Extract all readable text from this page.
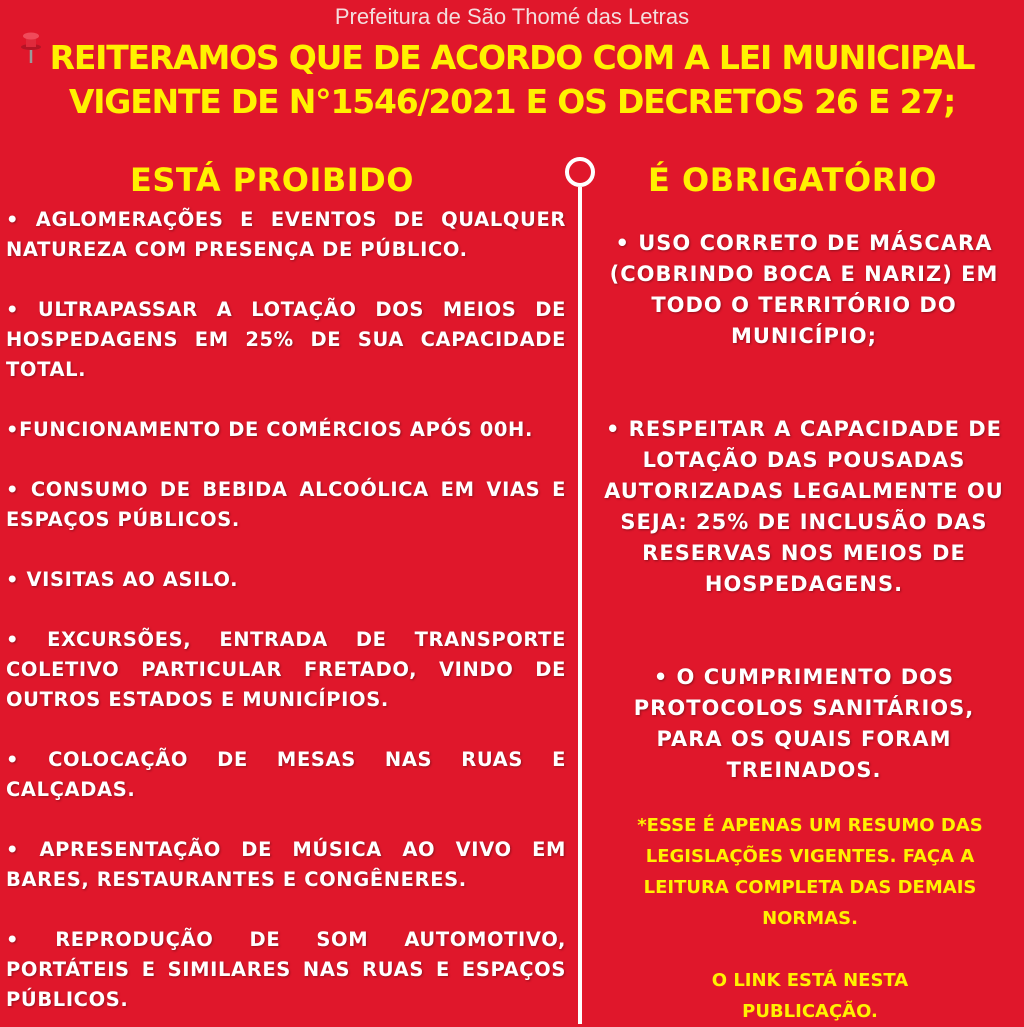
Prefeitura de São Thomé das Letras
REITERAMOS QUE DE ACORDO COM A LEI MUNICIPAL
VIGENTE DE N°1546/2021 E OS DECRETOS 26 E 27;
ESTÁ PROIBIDO	É OBRIGATÓRIO
• AGLOMERAÇÕES E EVENTOS DE QUALQUER NATUREZA COM PRESENÇA DE PÚBLICO.
• ULTRAPASSAR A LOTAÇÃO DOS MEIOS DE HOSPEDAGENS EM 25% DE SUA CAPACIDADE TOTAL.
•FUNCIONAMENTO DE COMÉRCIOS APÓS 00H.
• CONSUMO DE BEBIDA ALCOÓLICA EM VIAS E ESPAÇOS PÚBLICOS.
• VISITAS AO ASILO.
• EXCURSÕES, ENTRADA DE TRANSPORTE COLETIVO PARTICULAR FRETADO, VINDO DE OUTROS ESTADOS E MUNICÍPIOS.
• COLOCAÇÃO DE MESAS NAS RUAS E CALÇADAS.
• APRESENTAÇÃO DE MÚSICA AO VIVO EM BARES, RESTAURANTES E CONGÊNERES.
• REPRODUÇÃO DE SOM AUTOMOTIVO, PORTÁTEIS E SIMILARES NAS RUAS E ESPAÇOS PÚBLICOS.
• USO CORRETO DE MÁSCARA (COBRINDO BOCA E NARIZ) EM TODO O TERRITÓRIO DO MUNICÍPIO;
• RESPEITAR A CAPACIDADE DE LOTAÇÃO DAS POUSADAS AUTORIZADAS LEGALMENTE OU SEJA: 25% DE INCLUSÃO DAS RESERVAS NOS MEIOS DE HOSPEDAGENS.
• O CUMPRIMENTO DOS PROTOCOLOS SANITÁRIOS, PARA OS QUAIS FORAM TREINADOS.
*ESSE É APENAS UM RESUMO DAS LEGISLAÇÕES VIGENTES. FAÇA A LEITURA COMPLETA DAS DEMAIS NORMAS.
O LINK ESTÁ NESTA PUBLICAÇÃO.
